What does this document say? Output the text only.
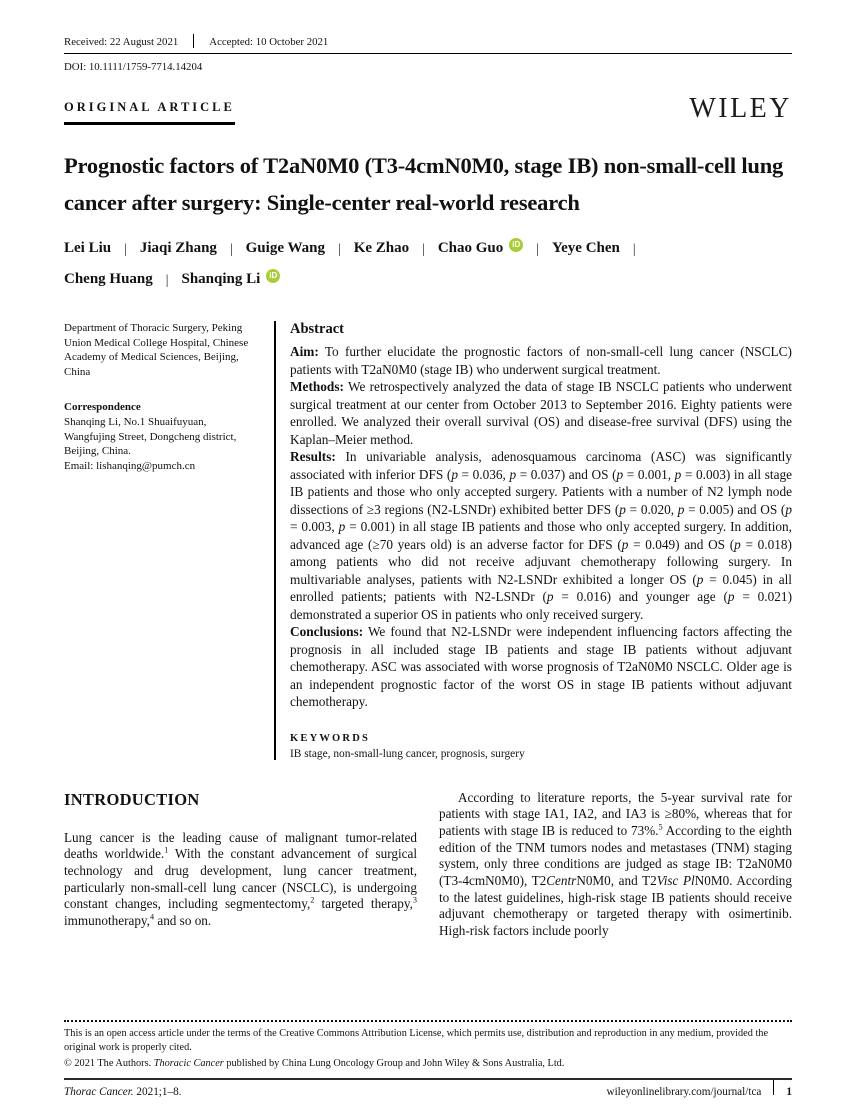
Received: 22 August 2021	Accepted: 10 October 2021
DOI: 10.1111/1759-7714.14204
ORIGINAL ARTICLE	WILEY
Prognostic factors of T2aN0M0 (T3-4cmN0M0, stage IB) non-small-cell lung cancer after surgery: Single-center real-world research
Lei Liu | Jiaqi Zhang | Guige Wang | Ke Zhao | Chao Guo	iD | Yeye Chen |
Cheng Huang | Shanqing Li	iD

Department of Thoracic Surgery, Peking Union Medical College Hospital, Chinese Academy of Medical Sciences, Beijing, China

Correspondence

Shanqing Li, No.1 Shuaifuyuan, Wangfujing Street, Dongcheng district, Beijing, China.

Email: lishanqing@pumch.cn

Abstract

Aim: To further elucidate the prognostic factors of non-small-cell lung cancer (NSCLC) patients with T2aN0M0 (stage IB) who underwent surgical treatment.

Methods: We retrospectively analyzed the data of stage IB NSCLC patients who underwent surgical treatment at our center from October 2013 to September 2016. Eighty patients were enrolled. We analyzed their overall survival (OS) and disease-free survival (DFS) using the Kaplan–Meier method.

Results: In univariable analysis, adenosquamous carcinoma (ASC) was significantly associated with inferior DFS (p = 0.036, p = 0.037) and OS (p = 0.001, p = 0.003) in all stage IB patients and those who only accepted surgery. Patients with a number of N2 lymph node dissections of ≥3 regions (N2-LSNDr) exhibited better DFS (p = 0.020, p = 0.005) and OS (p = 0.003, p = 0.001) in all stage IB patients and those who only accepted surgery. In addition, advanced age (≥70 years old) is an adverse factor for DFS (p = 0.049) and OS (p = 0.018) among patients who did not receive adjuvant chemotherapy following surgery. In multivariable analyses, patients with N2-LSNDr exhibited a longer OS (p = 0.045) in all enrolled patients; patients with N2-LSNDr (p = 0.016) and younger age (p = 0.021) demonstrated a superior OS in patients who only received surgery.

Conclusions: We found that N2-LSNDr were independent influencing factors affecting the prognosis in all included stage IB patients and stage IB patients without adjuvant chemotherapy. ASC was associated with worse prognosis of T2aN0M0 NSCLC. Older age is an independent prognostic factor of the worst OS in stage IB patients without adjuvant chemotherapy.

KEYWORDS
IB stage, non-small-lung cancer, prognosis, surgery
INTRODUCTION

Lung cancer is the leading cause of malignant tumor-related deaths worldwide.$^1$ With the constant advancement of surgical technology and drug development, lung cancer treatment, particularly non-small-cell lung cancer (NSCLC), is undergoing constant changes, including segmentectomy,$^2$ targeted therapy,$^3$ immunotherapy,$^4$ and so on.

According to literature reports, the 5-year survival rate for patients with stage IA1, IA2, and IA3 is ≥80%, whereas that for patients with stage IB is reduced to 73%.$^5$ According to the eighth edition of the TNM tumors nodes and metastases (TNM) staging system, only three conditions are judged as stage IB: T2aN0M0 (T3-4cmN0M0), T2CentrN0M0, and T2Visc PlN0M0. According to the latest guidelines, high-risk stage IB patients should receive adjuvant chemotherapy or targeted therapy with osimertinib. High-risk factors include poorly

This is an open access article under the terms of the Creative Commons Attribution License, which permits use, distribution and reproduction in any medium, provided the original work is properly cited.

© 2021 The Authors. Thoracic Cancer published by China Lung Oncology Group and John Wiley & Sons Australia, Ltd.

Thorac Cancer. 2021;1–8.	wileyonlinelibrary.com/journal/tca 1
